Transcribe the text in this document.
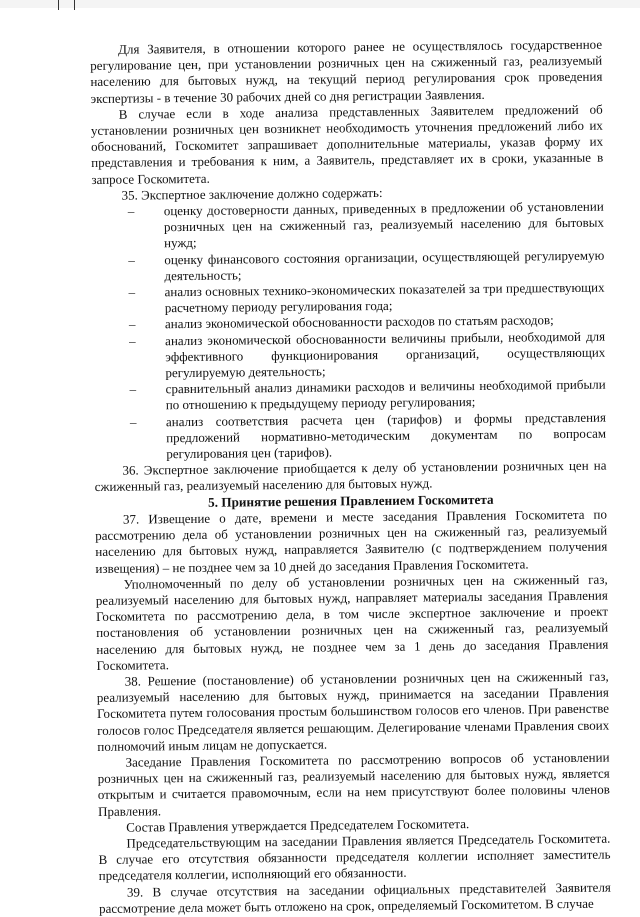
Для Заявителя, в отношении которого ранее не осуществлялось государственное регулирование цен, при установлении розничных цен на сжиженный газ, реализуемый населению для бытовых нужд, на текущий период регулирования срок проведения экспертизы - в течение 30 рабочих дней со дня регистрации Заявления.

В случае если в ходе анализа представленных Заявителем предложений об установлении розничных цен возникнет необходимость уточнения предложений либо их обоснований, Госкомитет запрашивает дополнительные материалы, указав форму их представления и требования к ним, а Заявитель, представляет их в сроки, указанные в запросе Госкомитета.

35. Экспертное заключение должно содержать:

– оценку достоверности данных, приведенных в предложении об установлении розничных цен на сжиженный газ, реализуемый населению для бытовых нужд;
– оценку финансового состояния организации, осуществляющей регулируемую деятельность;
– анализ основных технико-экономических показателей за три предшествующих расчетному периоду регулирования года;
– анализ экономической обоснованности расходов по статьям расходов;
– анализ экономической обоснованности величины прибыли, необходимой для эффективного функционирования организаций, осуществляющих регулируемую деятельность;
– сравнительный анализ динамики расходов и величины необходимой прибыли по отношению к предыдущему периоду регулирования;
– анализ соответствия расчета цен (тарифов) и формы представления предложений нормативно-методическим документам по вопросам регулирования цен (тарифов).

36. Экспертное заключение приобщается к делу об установлении розничных цен на сжиженный газ, реализуемый населению для бытовых нужд.

5. Принятие решения Правлением Госкомитета

37. Извещение о дате, времени и месте заседания Правления Госкомитета по рассмотрению дела об установлении розничных цен на сжиженный газ, реализуемый населению для бытовых нужд, направляется Заявителю (с подтверждением получения извещения) – не позднее чем за 10 дней до заседания Правления Госкомитета.

Уполномоченный по делу об установлении розничных цен на сжиженный газ, реализуемый населению для бытовых нужд, направляет материалы заседания Правления Госкомитета по рассмотрению дела, в том числе экспертное заключение и проект постановления об установлении розничных цен на сжиженный газ, реализуемый населению для бытовых нужд, не позднее чем за 1 день до заседания Правления Госкомитета.

38. Решение (постановление) об установлении розничных цен на сжиженный газ, реализуемый населению для бытовых нужд, принимается на заседании Правления Госкомитета путем голосования простым большинством голосов его членов. При равенстве голосов голос Председателя является решающим. Делегирование членами Правления своих полномочий иным лицам не допускается.

Заседание Правления Госкомитета по рассмотрению вопросов об установлении розничных цен на сжиженный газ, реализуемый населению для бытовых нужд, является открытым и считается правомочным, если на нем присутствуют более половины членов Правления.

Состав Правления утверждается Председателем Госкомитета.

Председательствующим на заседании Правления является Председатель Госкомитета. В случае его отсутствия обязанности председателя коллегии исполняет заместитель председателя коллегии, исполняющий его обязанности.

39. В случае отсутствия на заседании официальных представителей Заявителя рассмотрение дела может быть отложено на срок, определяемый Госкомитетом. В случае
